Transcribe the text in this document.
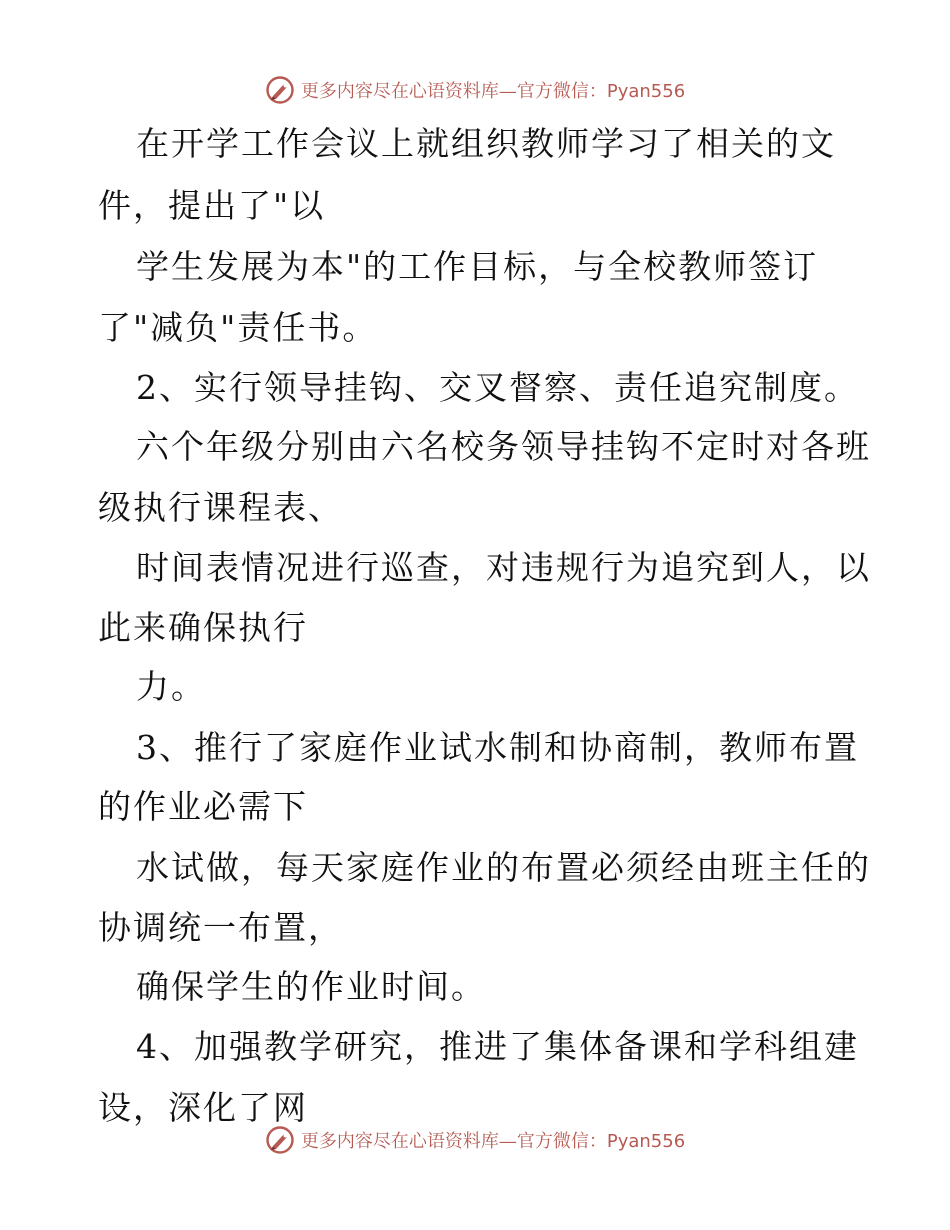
更多内容尽在心语资料库—官方微信：Pyan556
在开学工作会议上就组织教师学习了相关的文
件，提出了"以
学生发展为本"的工作目标，与全校教师签订
了"减负"责任书。
2、实行领导挂钩、交叉督察、责任追究制度。
六个年级分别由六名校务领导挂钩不定时对各班
级执行课程表、
时间表情况进行巡查，对违规行为追究到人，以
此来确保执行
力。
3、推行了家庭作业试水制和协商制，教师布置
的作业必需下
水试做，每天家庭作业的布置必须经由班主任的
协调统一布置，
确保学生的作业时间。
4、加强教学研究，推进了集体备课和学科组建
设，深化了网
更多内容尽在心语资料库—官方微信：Pyan556
